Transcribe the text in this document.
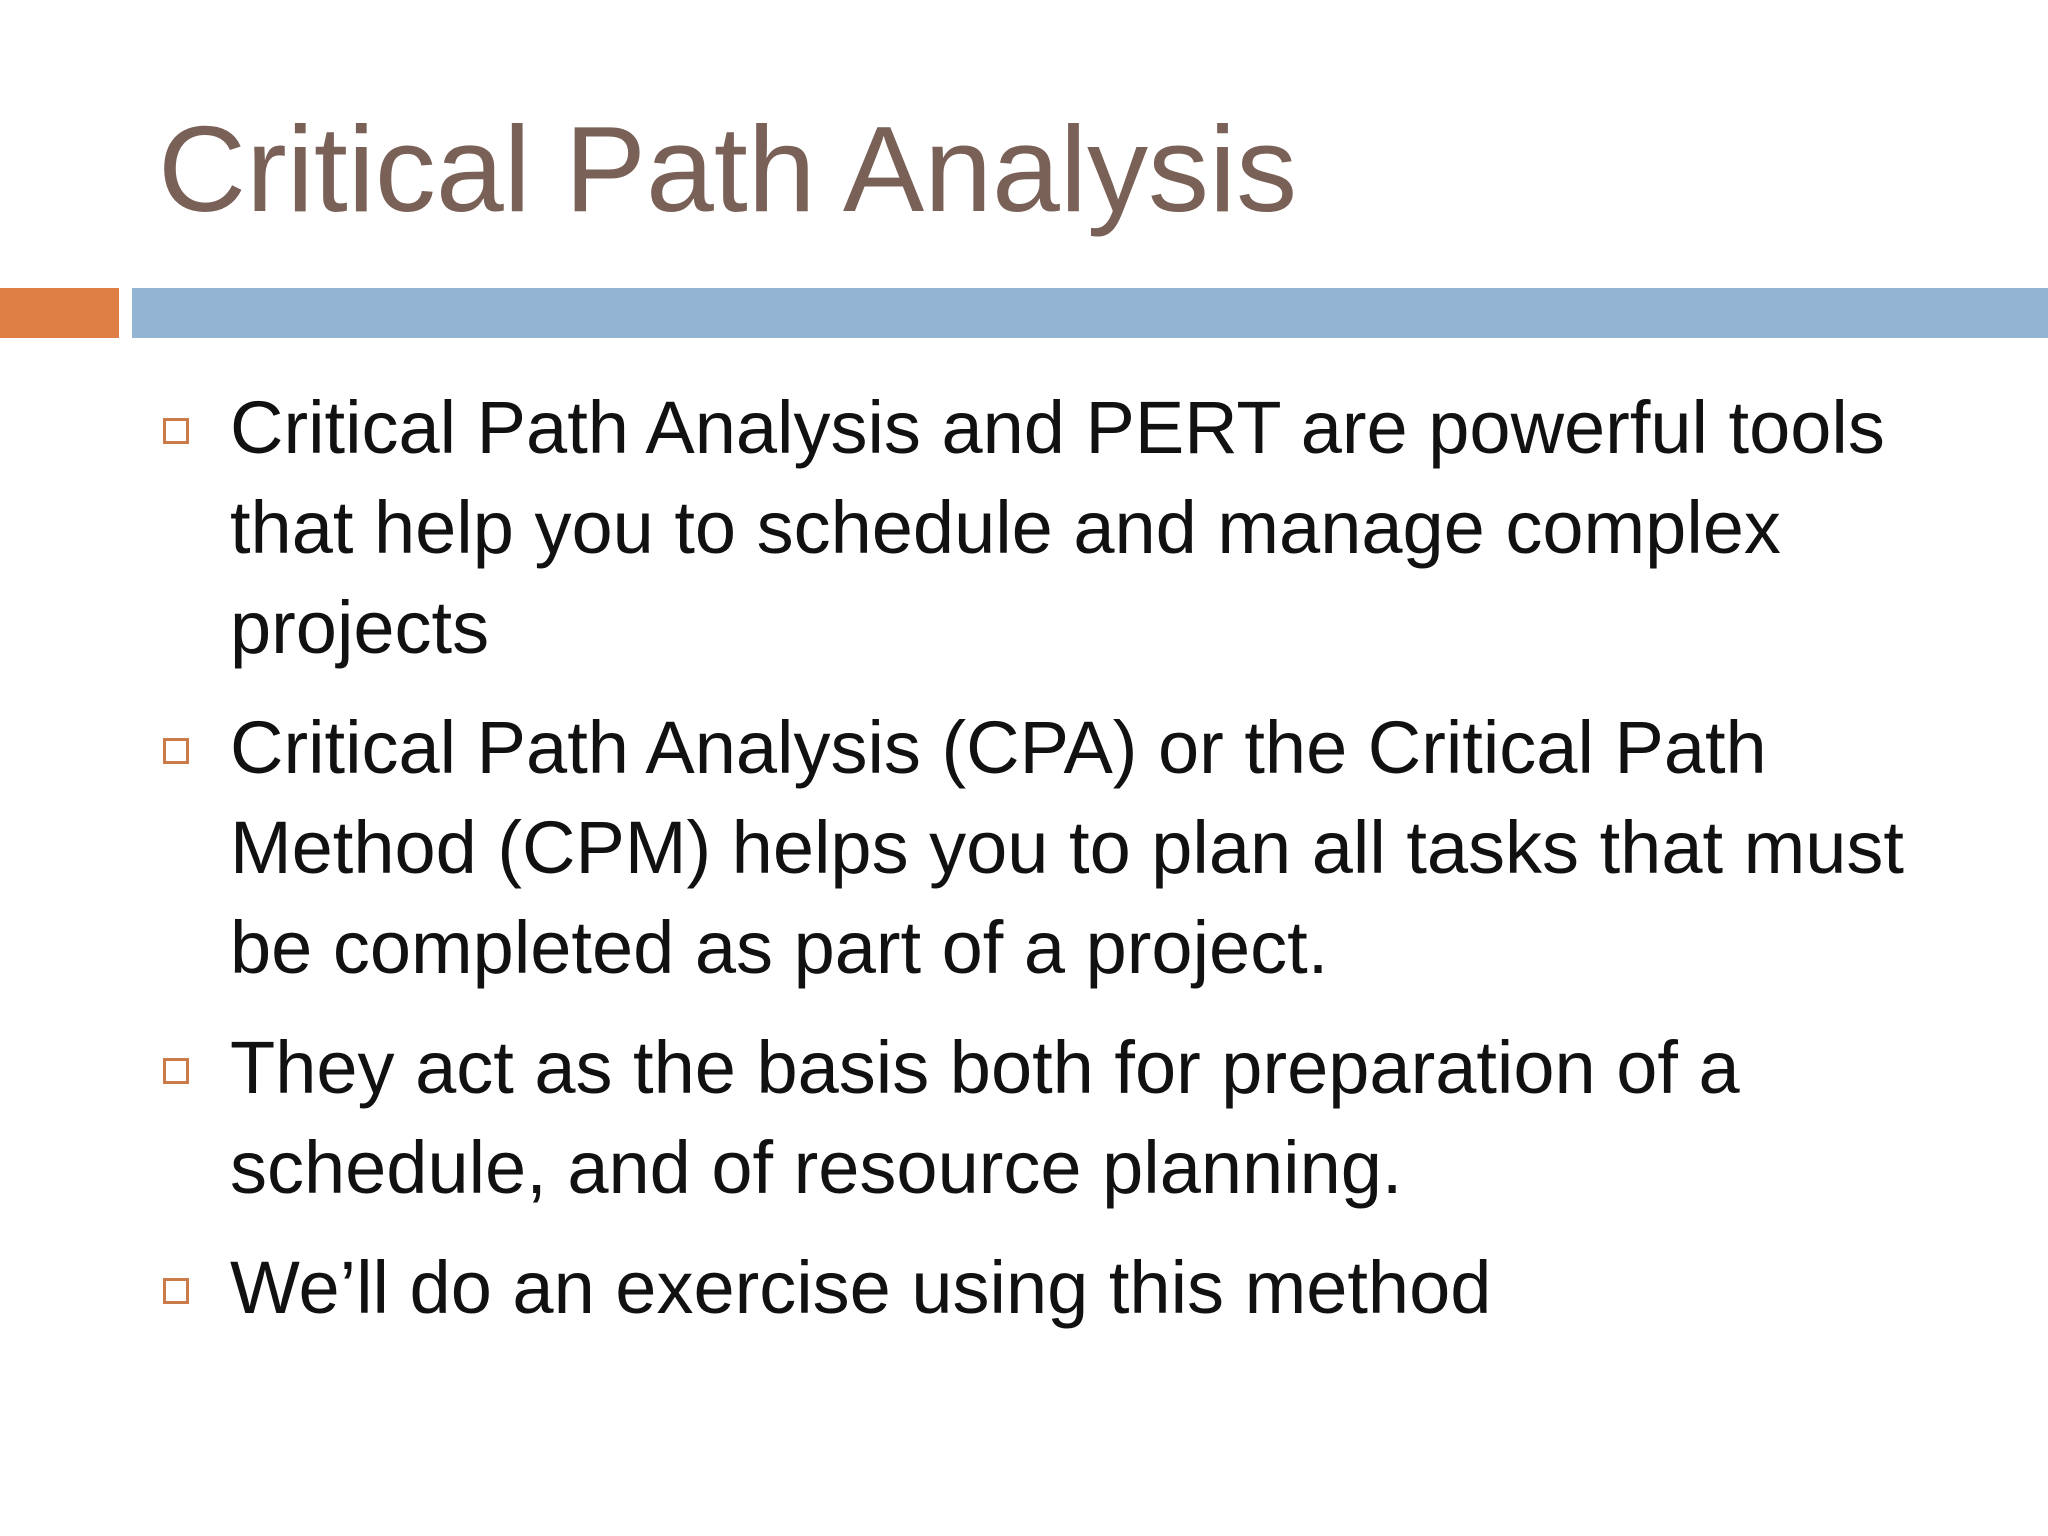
Critical Path Analysis
Critical Path Analysis and PERT are powerful tools that help you to schedule and manage complex projects
Critical Path Analysis (CPA) or the Critical Path Method (CPM) helps you to plan all tasks that must be completed as part of a project.
They act as the basis both for preparation of a schedule, and of resource planning.
We’ll do an exercise using this method
